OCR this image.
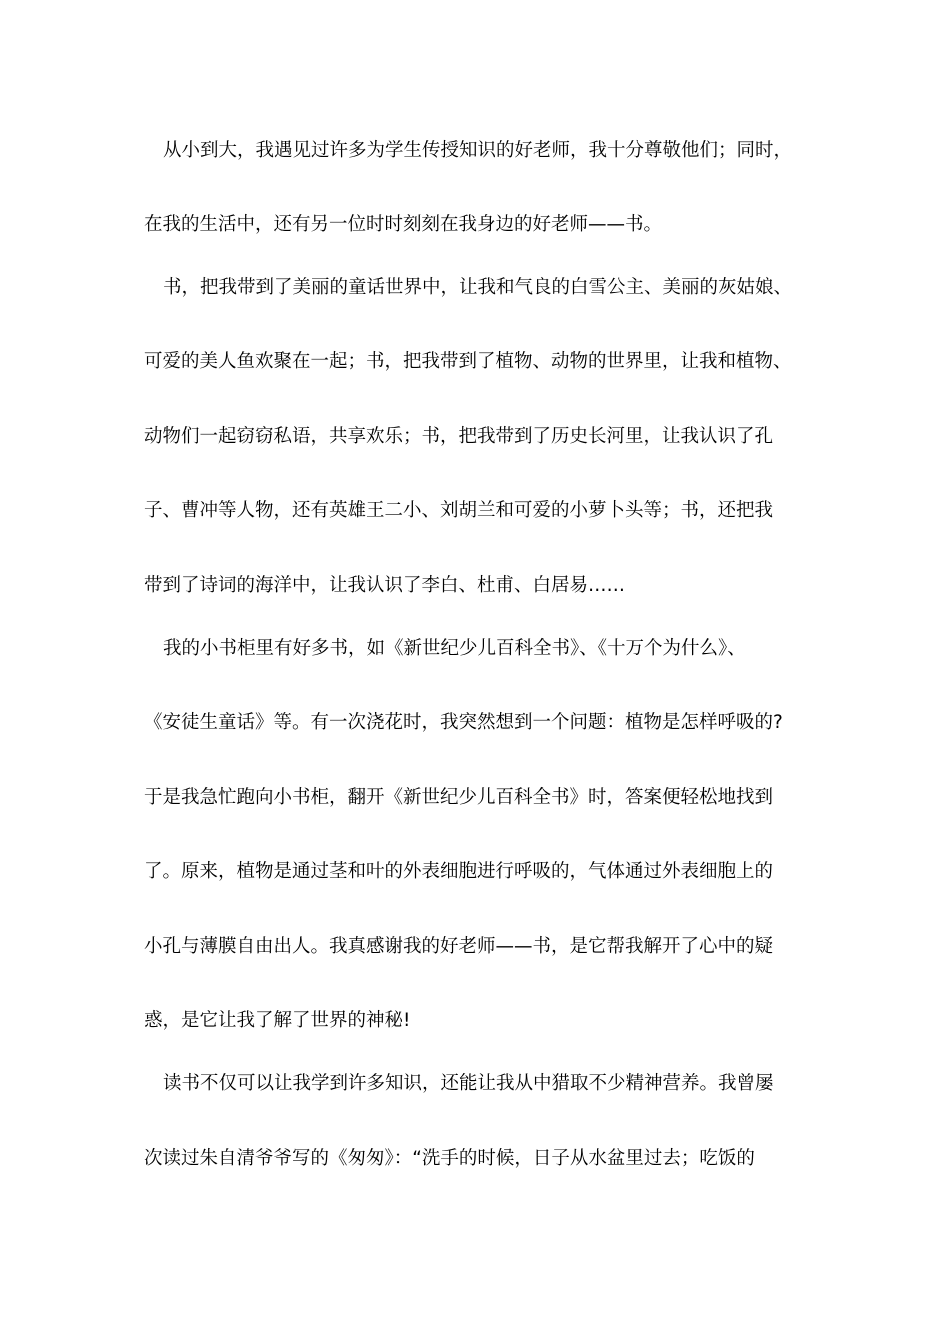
从小到大，我遇见过许多为学生传授知识的好老师，我十分尊敬他们；同时，
在我的生活中，还有另一位时时刻刻在我身边的好老师——书。
书，把我带到了美丽的童话世界中，让我和气良的白雪公主、美丽的灰姑娘、
可爱的美人鱼欢聚在一起；书，把我带到了植物、动物的世界里，让我和植物、
动物们一起窃窃私语，共享欢乐；书，把我带到了历史长河里，让我认识了孔
子、曹冲等人物，还有英雄王二小、刘胡兰和可爱的小萝卜头等；书，还把我
带到了诗词的海洋中，让我认识了李白、杜甫、白居易……
我的小书柜里有好多书，如《新世纪少儿百科全书》、《十万个为什么》、
《安徒生童话》等。有一次浇花时，我突然想到一个问题：植物是怎样呼吸的?
于是我急忙跑向小书柜，翻开《新世纪少儿百科全书》时，答案便轻松地找到
了。原来，植物是通过茎和叶的外表细胞进行呼吸的，气体通过外表细胞上的
小孔与薄膜自由出人。我真感谢我的好老师——书，是它帮我解开了心中的疑
惑，是它让我了解了世界的神秘!
读书不仅可以让我学到许多知识，还能让我从中猎取不少精神营养。我曾屡
次读过朱自清爷爷写的《匆匆》：“洗手的时候，日子从水盆里过去；吃饭的
